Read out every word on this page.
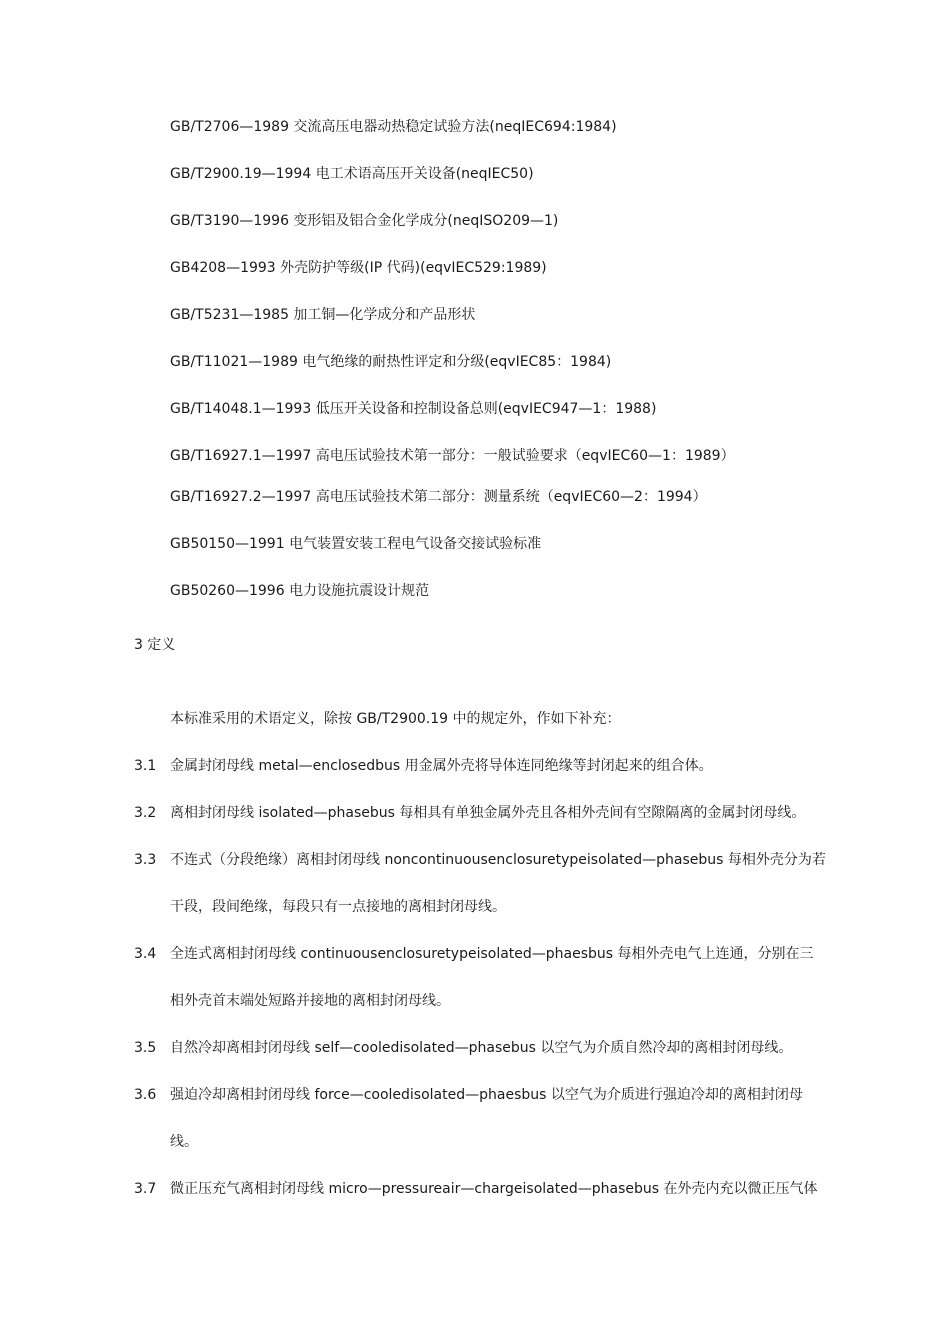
GB/T2706—1989 交流高压电器动热稳定试验方法(neqIEC694:1984)
GB/T2900.19—1994 电工术语高压开关设备(neqIEC50)
GB/T3190—1996 变形铝及铝合金化学成分(neqISO209—1)
GB4208—1993 外壳防护等级(IP 代码)(eqvIEC529:1989)
GB/T5231—1985 加工铜—化学成分和产品形状
GB/T11021—1989 电气绝缘的耐热性评定和分级(eqvIEC85：1984)
GB/T14048.1—1993 低压开关设备和控制设备总则(eqvIEC947—1：1988)
GB/T16927.1—1997 高电压试验技术第一部分：一般试验要求（eqvIEC60—1：1989）
GB/T16927.2—1997 高电压试验技术第二部分：测量系统（eqvIEC60—2：1994）
GB50150—1991 电气装置安装工程电气设备交接试验标准
GB50260—1996 电力设施抗震设计规范
3 定义
本标准采用的术语定义，除按 GB/T2900.19 中的规定外，作如下补充：
3.1 金属封闭母线 metal—enclosedbus 用金属外壳将导体连同绝缘等封闭起来的组合体。
3.2 离相封闭母线 isolated—phasebus 每相具有单独金属外壳且各相外壳间有空隙隔离的金属封闭母线。
3.3 不连式（分段绝缘）离相封闭母线 noncontinuousenclosuretypeisolated—phasebus 每相外壳分为若
干段，段间绝缘，每段只有一点接地的离相封闭母线。
3.4 全连式离相封闭母线 continuousenclosuretypeisolated—phaesbus 每相外壳电气上连通，分别在三
相外壳首末端处短路并接地的离相封闭母线。
3.5 自然冷却离相封闭母线 self—cooledisolated—phasebus 以空气为介质自然冷却的离相封闭母线。
3.6 强迫冷却离相封闭母线 force—cooledisolated—phaesbus 以空气为介质进行强迫冷却的离相封闭母
线。
3.7 微正压充气离相封闭母线 micro—pressureair—chargeisolated—phasebus 在外壳内充以微正压气体
